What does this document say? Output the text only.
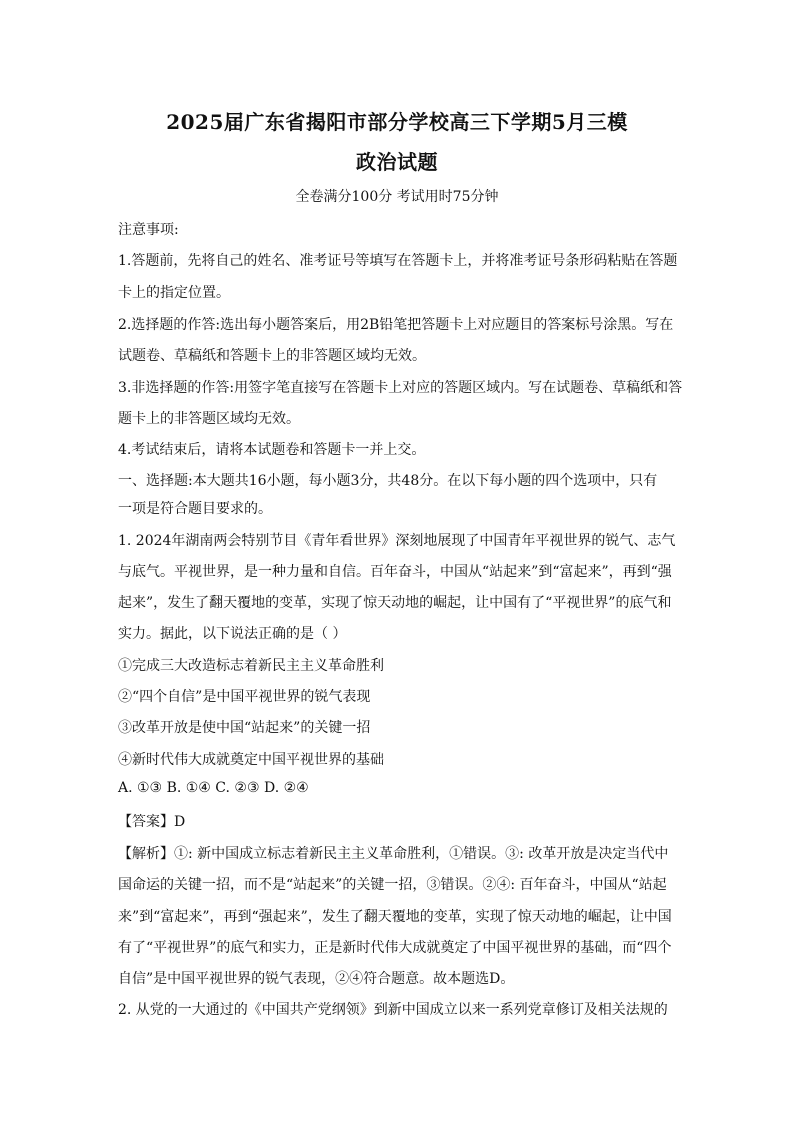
2025届广东省揭阳市部分学校高三下学期5月三模
政治试题
全卷满分100分 考试用时75分钟
注意事项:
1.答题前，先将自己的姓名、准考证号等填写在答题卡上，并将准考证号条形码粘贴在答题
卡上的指定位置。
2.选择题的作答:选出每小题答案后，用2B铅笔把答题卡上对应题目的答案标号涂黑。写在
试题卷、草稿纸和答题卡上的非答题区域均无效。
3.非选择题的作答:用签字笔直接写在答题卡上对应的答题区域内。写在试题卷、草稿纸和答
题卡上的非答题区域均无效。
4.考试结束后，请将本试题卷和答题卡一并上交。
一、选择题:本大题共16小题，每小题3分，共48分。在以下每小题的四个选项中，只有
一项是符合题目要求的。
1. 2024年湖南两会特别节目《青年看世界》深刻地展现了中国青年平视世界的锐气、志气
与底气。平视世界，是一种力量和自信。百年奋斗，中国从“站起来”到“富起来”，再到“强
起来”，发生了翻天覆地的变革，实现了惊天动地的崛起，让中国有了“平视世界”的底气和
实力。据此，以下说法正确的是（ ）
①完成三大改造标志着新民主主义革命胜利
②“四个自信”是中国平视世界的锐气表现
③改革开放是使中国“站起来”的关键一招
④新时代伟大成就奠定中国平视世界的基础
A. ①③ B. ①④ C. ②③ D. ②④
【答案】D
【解析】①: 新中国成立标志着新民主主义革命胜利，①错误。③: 改革开放是决定当代中
国命运的关键一招，而不是“站起来”的关键一招，③错误。②④: 百年奋斗，中国从“站起
来”到“富起来”，再到“强起来”，发生了翻天覆地的变革，实现了惊天动地的崛起，让中国
有了“平视世界”的底气和实力，正是新时代伟大成就奠定了中国平视世界的基础，而“四个
自信”是中国平视世界的锐气表现，②④符合题意。故本题选D。
2. 从党的一大通过的《中国共产党纲领》到新中国成立以来一系列党章修订及相关法规的
